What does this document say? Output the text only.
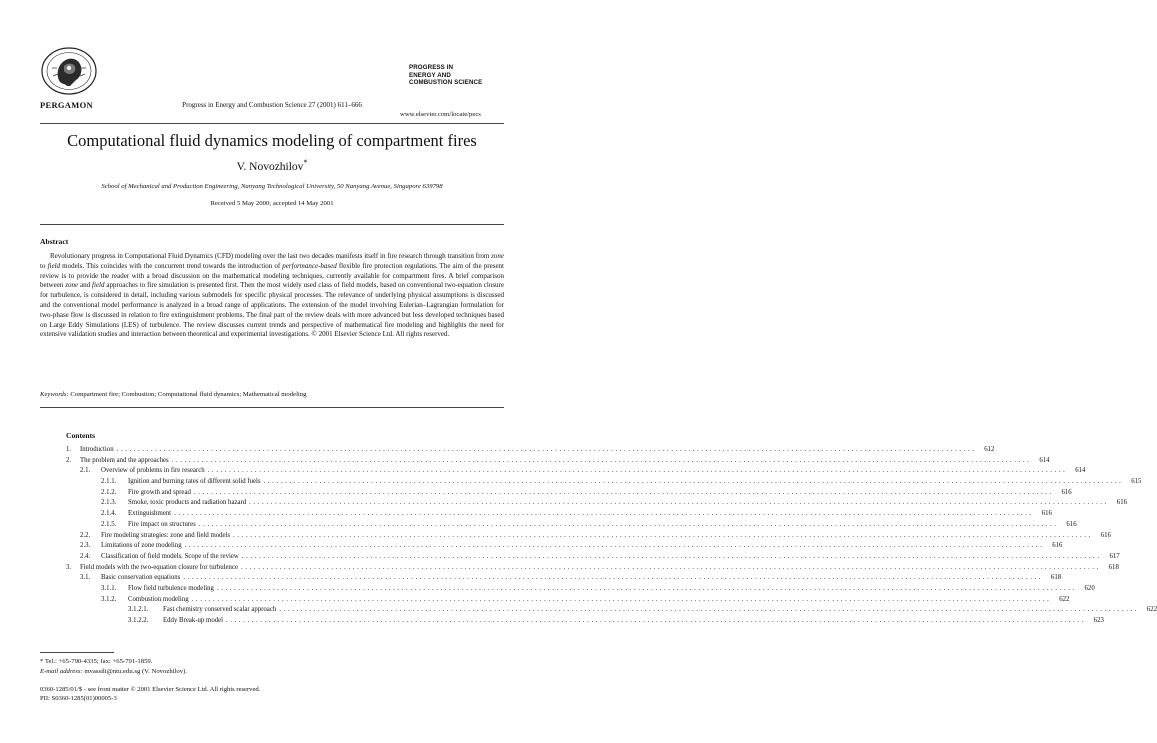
PERGAMON	Progress in Energy and Combustion Science 27 (2001) 611–666
PROGRESS IN
ENERGY AND
COMBUSTION SCIENCE
www.elsevier.com/locate/pecs
Computational fluid dynamics modeling of compartment fires
V. Novozhilov*
School of Mechanical and Production Engineering, Nanyang Technological University, 50 Nanyang Avenue, Singapore 639798
Received 5 May 2000; accepted 14 May 2001
Abstract
Revolutionary progress in Computational Fluid Dynamics (CFD) modeling over the last two decades manifests itself in fire research through transition from zone to field models. This coincides with the concurrent trend towards the introduction of performance-based flexible fire protection regulations. The aim of the present review is to provide the reader with a broad discussion on the mathematical modeling techniques, currently available for compartment fires. A brief comparison between zone and field approaches to fire simulation is presented first. Then the most widely used class of field models, based on conventional two-equation closure for turbulence, is considered in detail, including various submodels for specific physical processes. The relevance of underlying physical assumptions is discussed and the conventional model performance is analyzed in a broad range of applications. The extension of the model involving Eulerian–Lagrangian formulation for two-phase flow is discussed in relation to fire extinguishment problems. The final part of the review deals with more advanced but less developed techniques based on Large Eddy Simulations (LES) of turbulence. The review discusses current trends and perspective of mathematical fire modeling and highlights the need for extensive validation studies and interaction between theoretical and experimental investigations. © 2001 Elsevier Science Ltd. All rights reserved.
Keywords: Compartment fire; Combustion; Computational fluid dynamics; Mathematical modeling
Contents
1.	Introduction ........................................................................................................................................................................................................	612
2.	The problem and the approaches ........................................................................................................................................................................................................	614
2.1.	Overview of problems in fire research ........................................................................................................................................................................................................	614
2.1.1.	Ignition and burning rates of different solid fuels ........................................................................................................................................................................................................	615
2.1.2.	Fire growth and spread ........................................................................................................................................................................................................	616
2.1.3.	Smoke, toxic products and radiation hazard ........................................................................................................................................................................................................	616
2.1.4.	Extinguishment ........................................................................................................................................................................................................	616
2.1.5.	Fire impact on structures ........................................................................................................................................................................................................	616
2.2.	Fire modeling strategies: zone and field models ........................................................................................................................................................................................................	616
2.3.	Limitations of zone modeling ........................................................................................................................................................................................................	616
2.4.	Classification of field models. Scope of the review ........................................................................................................................................................................................................	617
3.	Field models with the two-equation closure for turbulence ........................................................................................................................................................................................................	618
3.1.	Basic conservation equations ........................................................................................................................................................................................................	618
3.1.1.	Flow field turbulence modeling ........................................................................................................................................................................................................	620
3.1.2.	Combustion modeling ........................................................................................................................................................................................................	622
3.1.2.1.	Fast chemistry conserved scalar approach ........................................................................................................................................................................................................	622
3.1.2.2.	Eddy Break-up model ........................................................................................................................................................................................................	623
* Tel.: +65-790-4335; fax: +65-791-1859.
E-mail address: mvassili@ntu.edu.sg (V. Novozhilov).
0360-1285/01/$ - see front matter © 2001 Elsevier Science Ltd. All rights reserved.
PII: S0360-1285(01)00005-3
